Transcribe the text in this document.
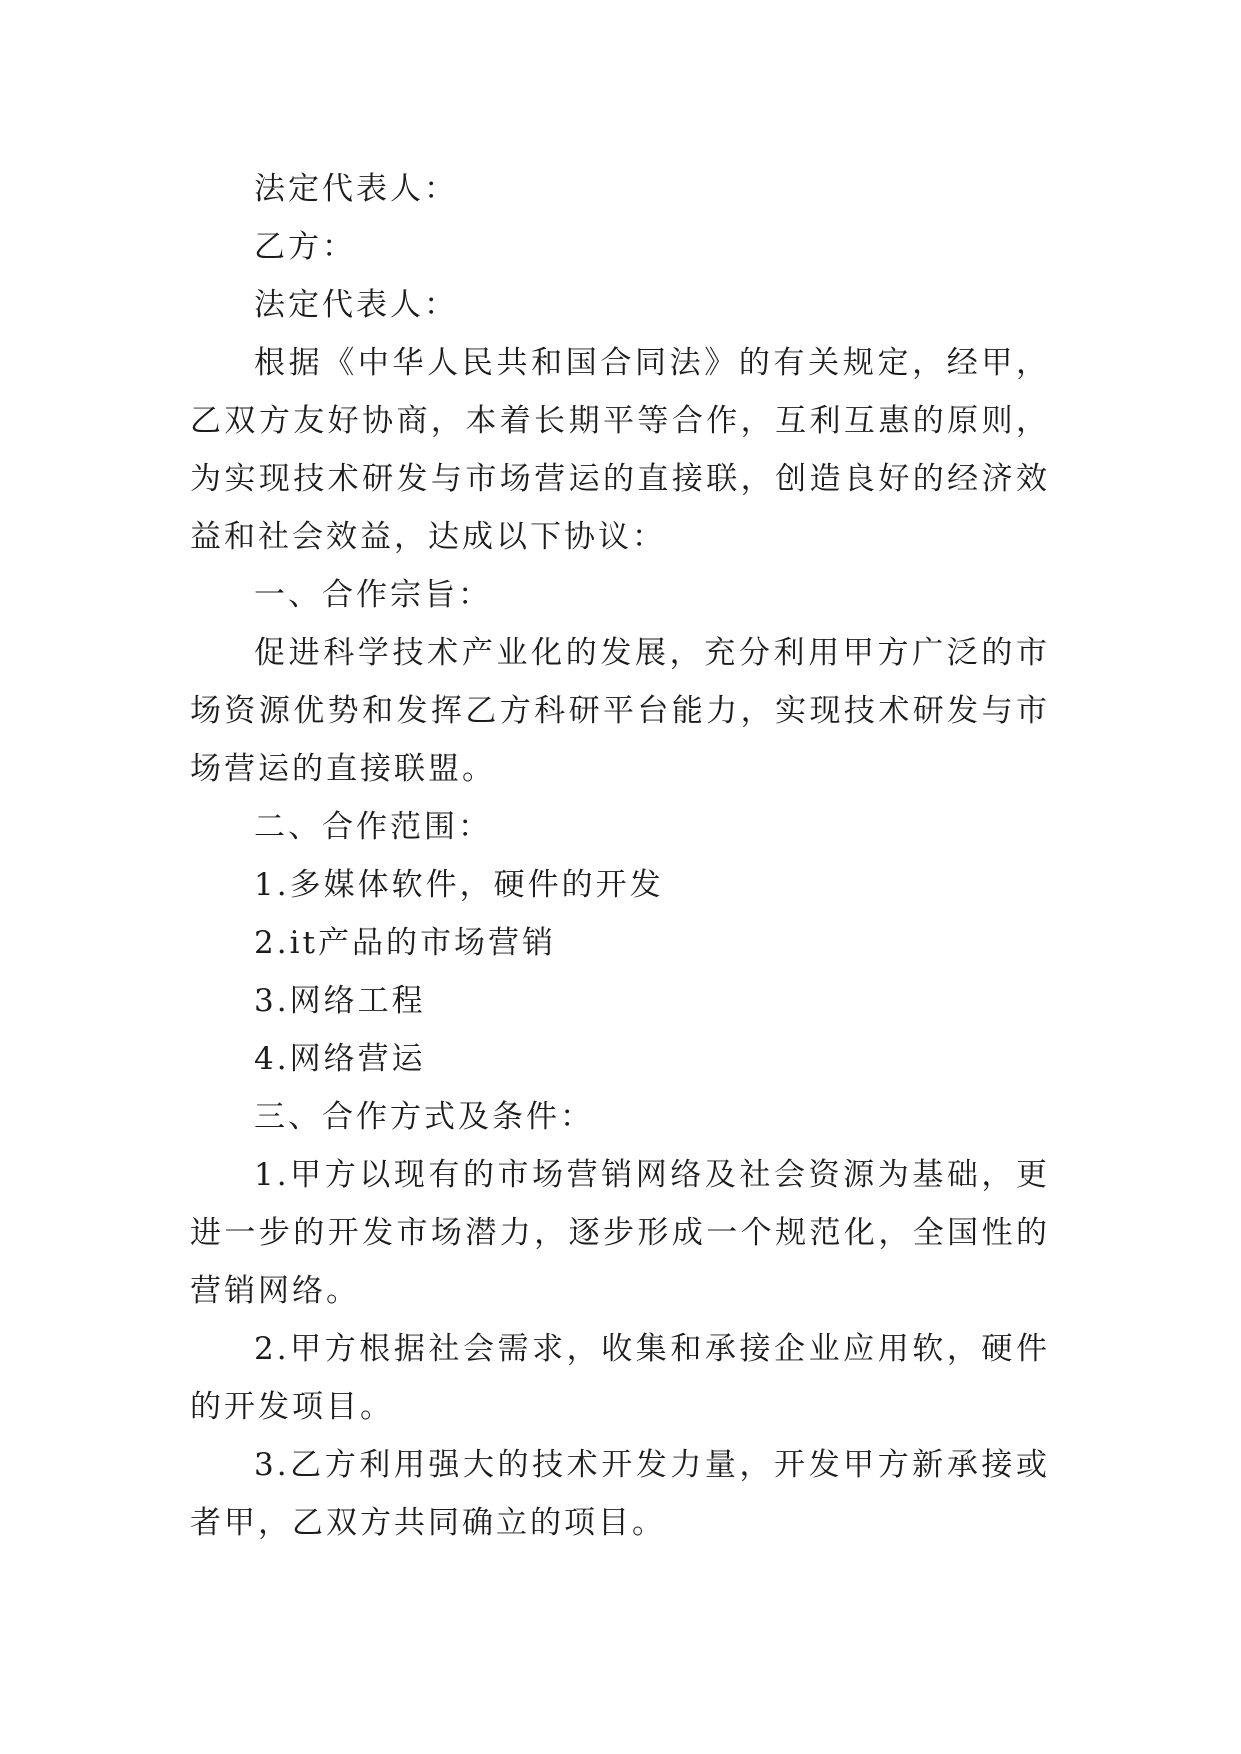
法定代表人：

乙方：

法定代表人：

根据《中华人民共和国合同法》的有关规定，经甲，乙双方友好协商，本着长期平等合作，互利互惠的原则，为实现技术研发与市场营运的直接联，创造良好的经济效益和社会效益，达成以下协议：

一、合作宗旨：

促进科学技术产业化的发展，充分利用甲方广泛的市场资源优势和发挥乙方科研平台能力，实现技术研发与市场营运的直接联盟。

二、合作范围：

1.多媒体软件，硬件的开发

2.it产品的市场营销

3.网络工程

4.网络营运

三、合作方式及条件：

1.甲方以现有的市场营销网络及社会资源为基础，更进一步的开发市场潜力，逐步形成一个规范化，全国性的营销网络。

2.甲方根据社会需求，收集和承接企业应用软，硬件的开发项目。

3.乙方利用强大的技术开发力量，开发甲方新承接或者甲，乙双方共同确立的项目。
